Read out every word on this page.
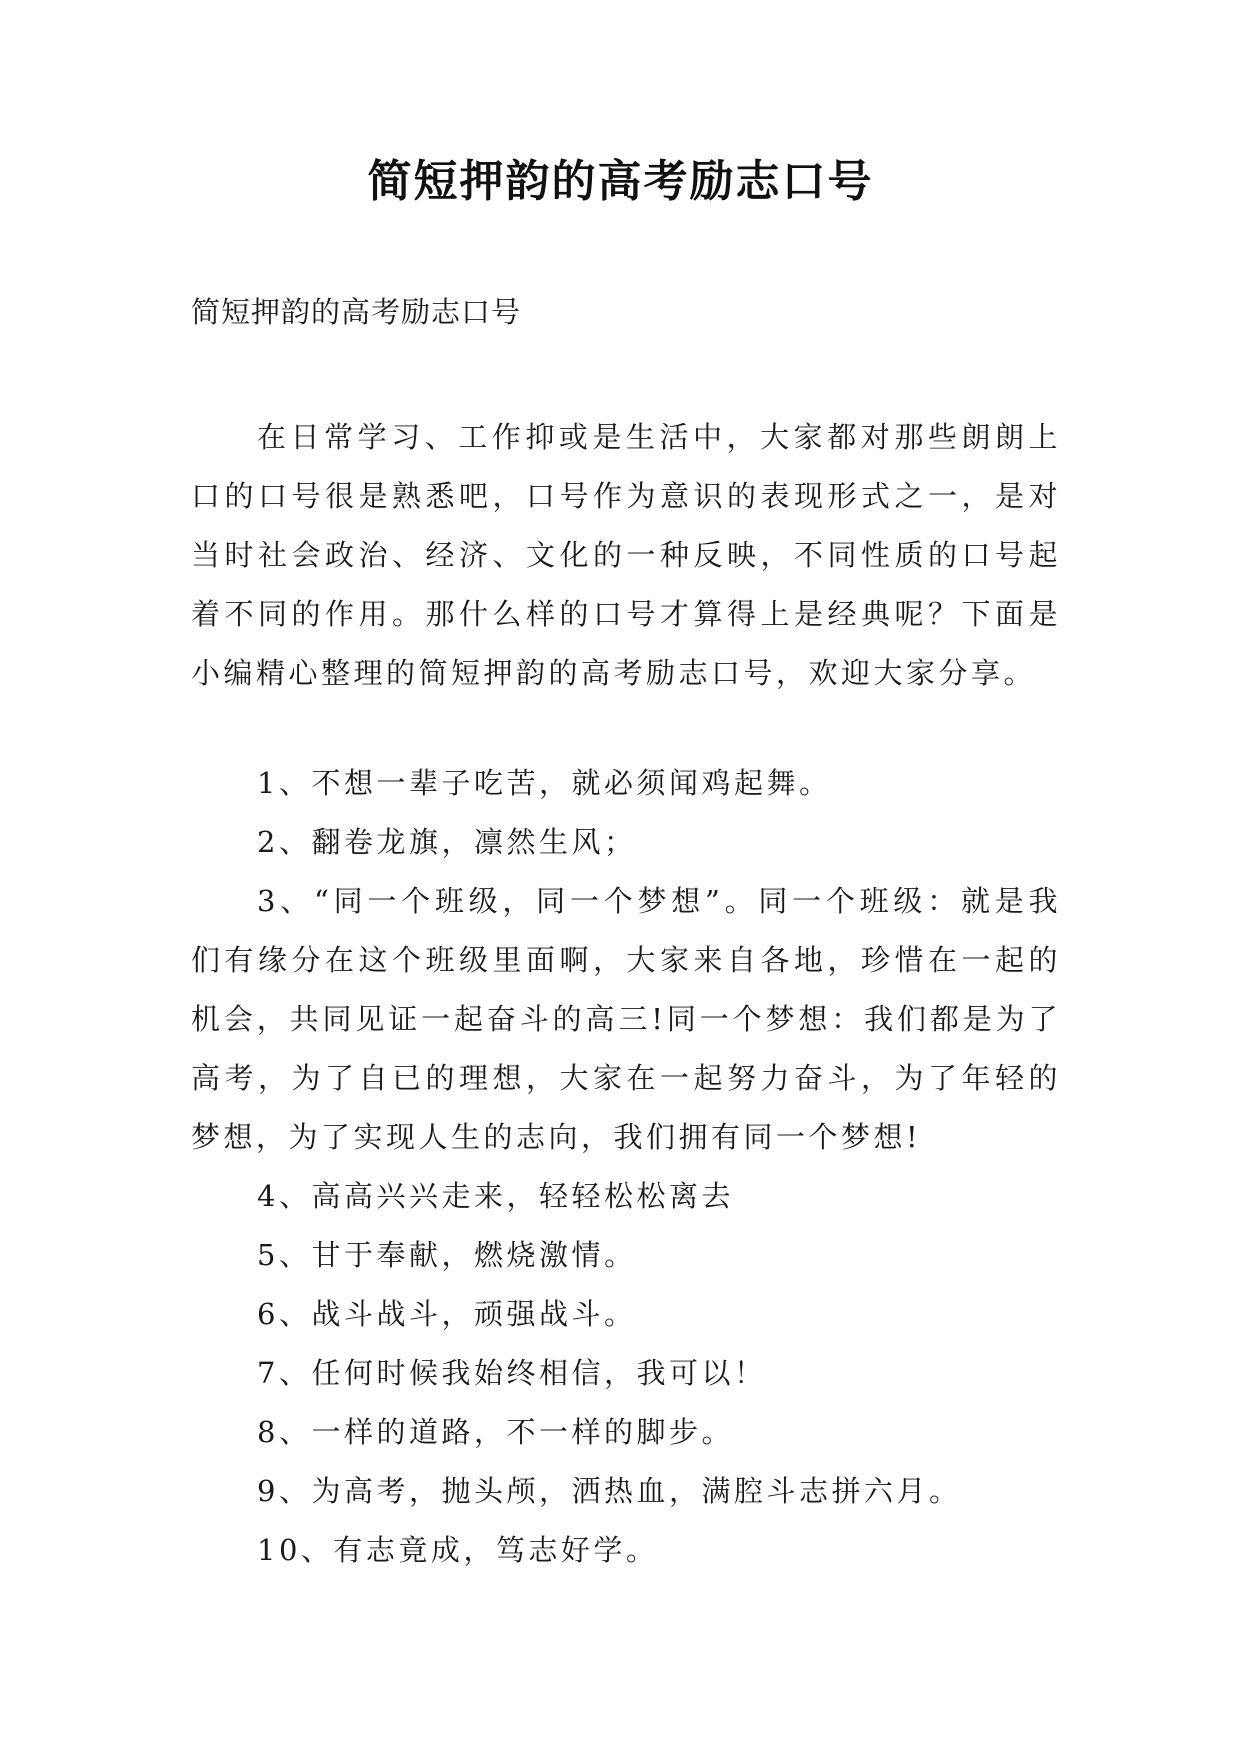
简短押韵的高考励志口号

简短押韵的高考励志口号

在日常学习、工作抑或是生活中，大家都对那些朗朗上口的口号很是熟悉吧，口号作为意识的表现形式之一，是对当时社会政治、经济、文化的一种反映，不同性质的口号起着不同的作用。那什么样的口号才算得上是经典呢？下面是小编精心整理的简短押韵的高考励志口号，欢迎大家分享。

1、不想一辈子吃苦，就必须闻鸡起舞。
2、翻卷龙旗，凛然生风；
3、“同一个班级，同一个梦想”。同一个班级：就是我们有缘分在这个班级里面啊，大家来自各地，珍惜在一起的机会，共同见证一起奋斗的高三!同一个梦想：我们都是为了高考，为了自已的理想，大家在一起努力奋斗，为了年轻的梦想，为了实现人生的志向，我们拥有同一个梦想!
4、高高兴兴走来，轻轻松松离去
5、甘于奉献，燃烧激情。
6、战斗战斗，顽强战斗。
7、任何时候我始终相信，我可以！
8、一样的道路，不一样的脚步。
9、为高考，抛头颅，洒热血，满腔斗志拼六月。
10、有志竟成，笃志好学。
